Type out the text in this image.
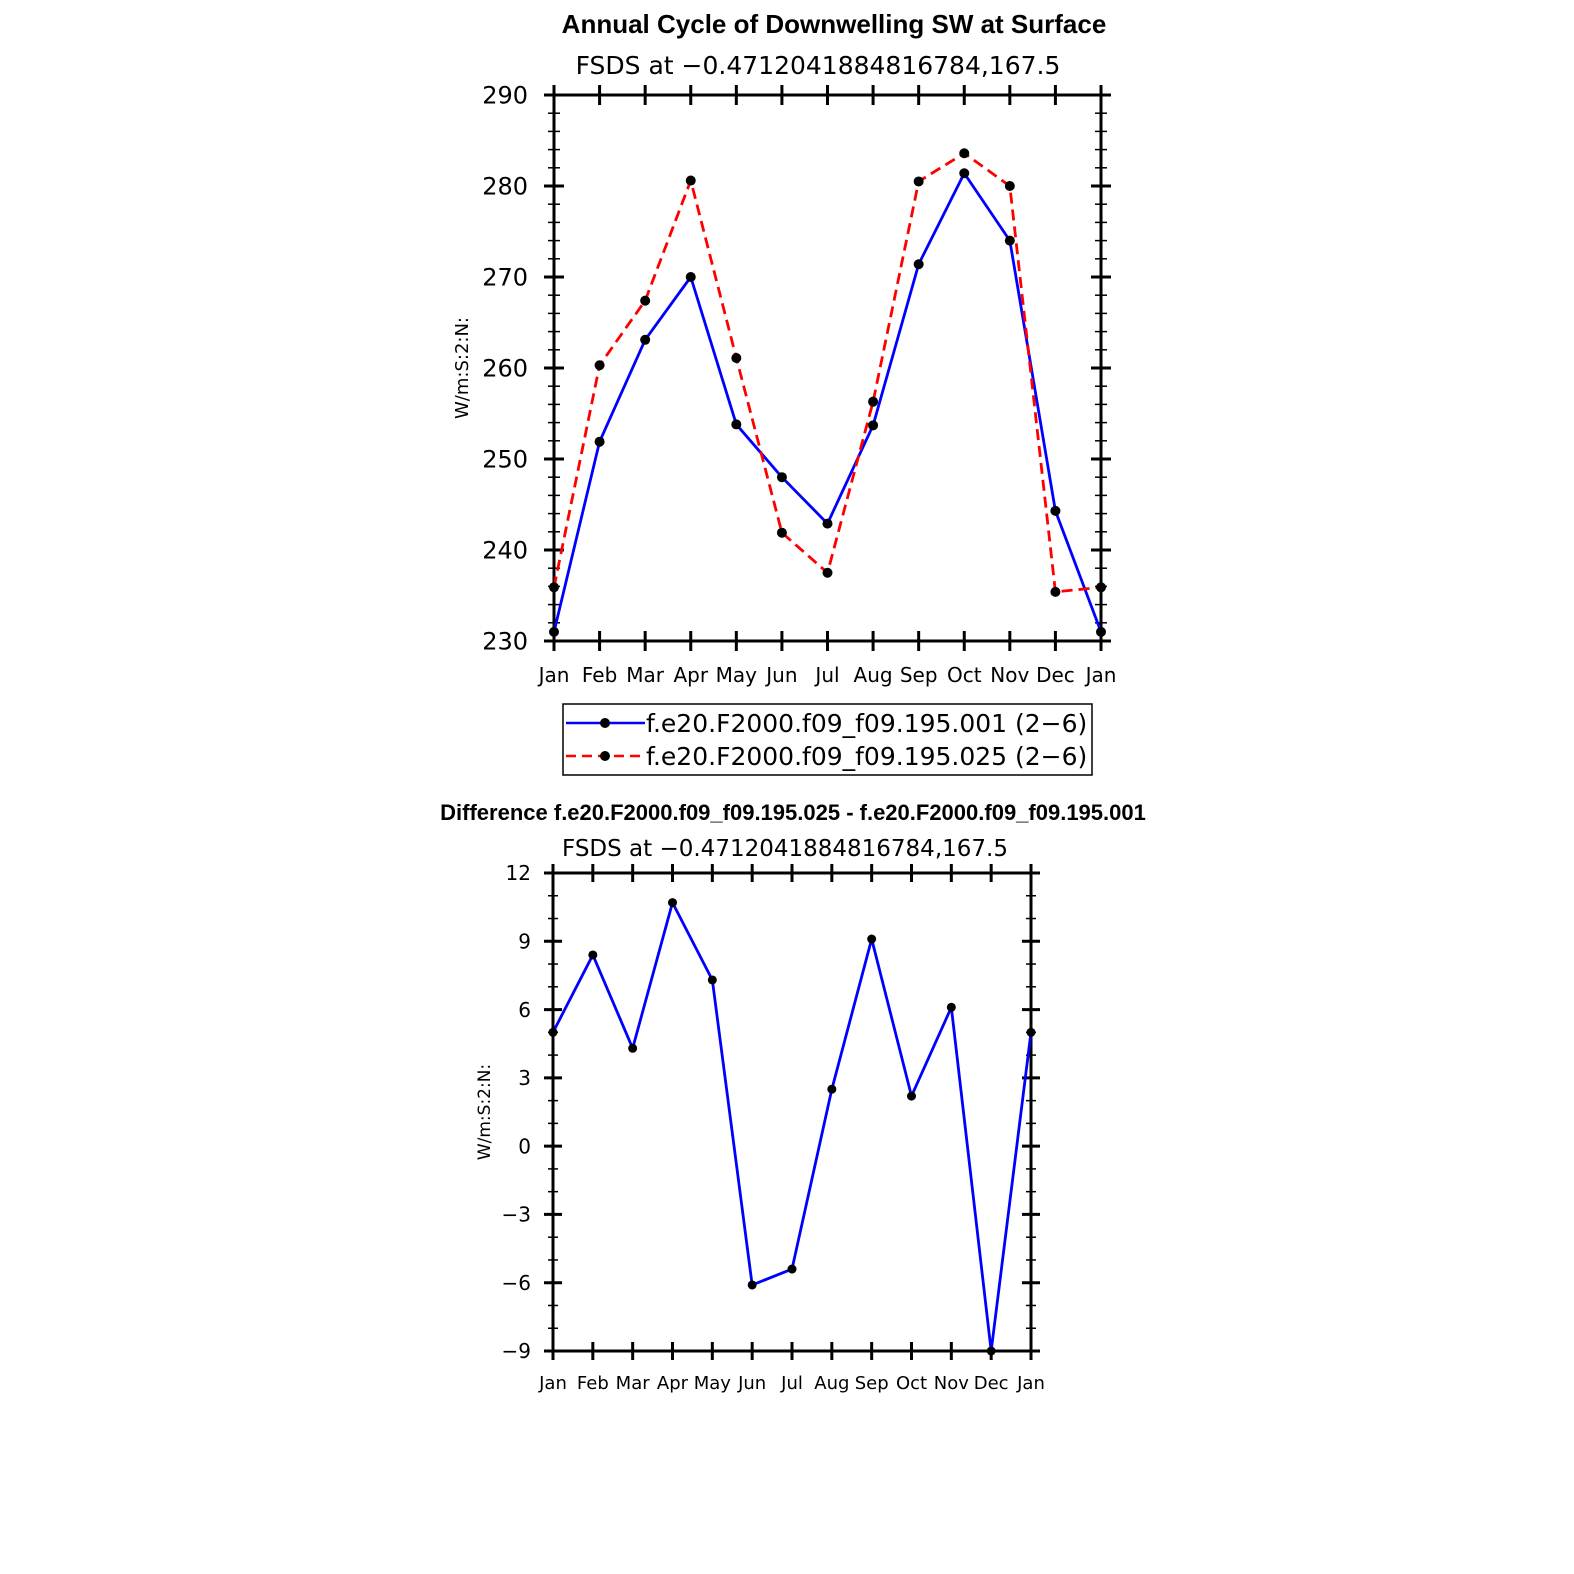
Annual Cycle of Downwelling SW at Surface
FSDS at −0.4712041884816784,167.5
W/m:S:2:N:
Jan Feb Mar Apr May Jun Jul Aug Sep Oct Nov Dec Jan
230
240
250
260
270
280
290
f.e20.F2000.f09_f09.195.001 (2−6)
f.e20.F2000.f09_f09.195.025 (2−6)
Difference f.e20.F2000.f09_f09.195.025 - f.e20.F2000.f09_f09.195.001
FSDS at −0.4712041884816784,167.5
W/m:S:2:N:
Jan Feb Mar Apr May Jun Jul Aug Sep Oct Nov Dec Jan
−9
−6
−3
0
3
6
9
12
